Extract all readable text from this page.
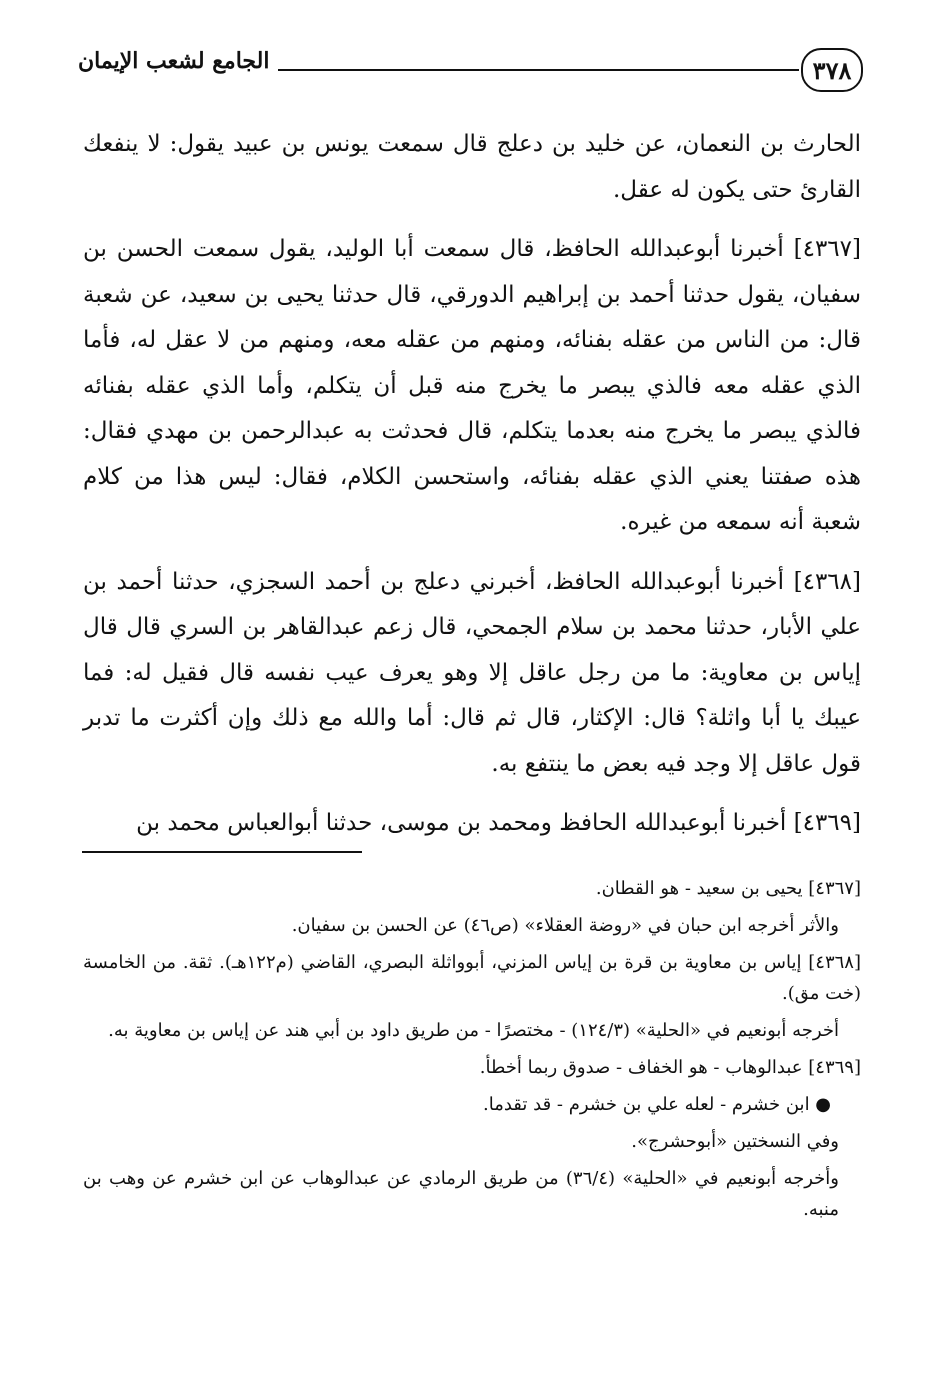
٣٧٨
الجامع لشعب الإيمان

الحارث بن النعمان، عن خليد بن دعلج قال سمعت يونس بن عبيد يقول: لا ينفعك القارئ حتى يكون له عقل.

[٤٣٦٧] أخبرنا أبوعبدالله الحافظ، قال سمعت أبا الوليد، يقول سمعت الحسن بن سفيان، يقول حدثنا أحمد بن إبراهيم الدورقي، قال حدثنا يحيى بن سعيد، عن شعبة قال: من الناس من عقله بفنائه، ومنهم من عقله معه، ومنهم من لا عقل له، فأما الذي عقله معه فالذي يبصر ما يخرج منه قبل أن يتكلم، وأما الذي عقله بفنائه فالذي يبصر ما يخرج منه بعدما يتكلم، قال فحدثت به عبدالرحمن بن مهدي فقال: هذه صفتنا يعني الذي عقله بفنائه، واستحسن الكلام، فقال: ليس هذا من كلام شعبة أنه سمعه من غيره.

[٤٣٦٨] أخبرنا أبوعبدالله الحافظ، أخبرني دعلج بن أحمد السجزي، حدثنا أحمد بن علي الأبار، حدثنا محمد بن سلام الجمحي، قال زعم عبدالقاهر بن السري قال قال إياس بن معاوية: ما من رجل عاقل إلا وهو يعرف عيب نفسه قال فقيل له: فما عيبك يا أبا واثلة؟ قال: الإكثار، قال ثم قال: أما والله مع ذلك وإن أكثرت ما تدبر قول عاقل إلا وجد فيه بعض ما ينتفع به.

[٤٣٦٩] أخبرنا أبوعبدالله الحافظ ومحمد بن موسى، حدثنا أبوالعباس محمد بن

[٤٣٦٧] يحيى بن سعيد - هو القطان.

والأثر أخرجه ابن حبان في «روضة العقلاء» (ص٤٦) عن الحسن بن سفيان.

[٤٣٦٨] إياس بن معاوية بن قرة بن إياس المزني، أبوواثلة البصري، القاضي (م١٢٢هـ). ثقة. من الخامسة (خت مق).

أخرجه أبونعيم في «الحلية» (١٢٤/٣) - مختصرًا - من طريق داود بن أبي هند عن إياس بن معاوية به.

[٤٣٦٩] عبدالوهاب - هو الخفاف - صدوق ربما أخطأ.

● ابن خشرم - لعله علي بن خشرم - قد تقدما.

وفي النسختين «أبوحشرج».

وأخرجه أبونعيم في «الحلية» (٣٦/٤) من طريق الرمادي عن عبدالوهاب عن ابن خشرم عن وهب بن منبه.
